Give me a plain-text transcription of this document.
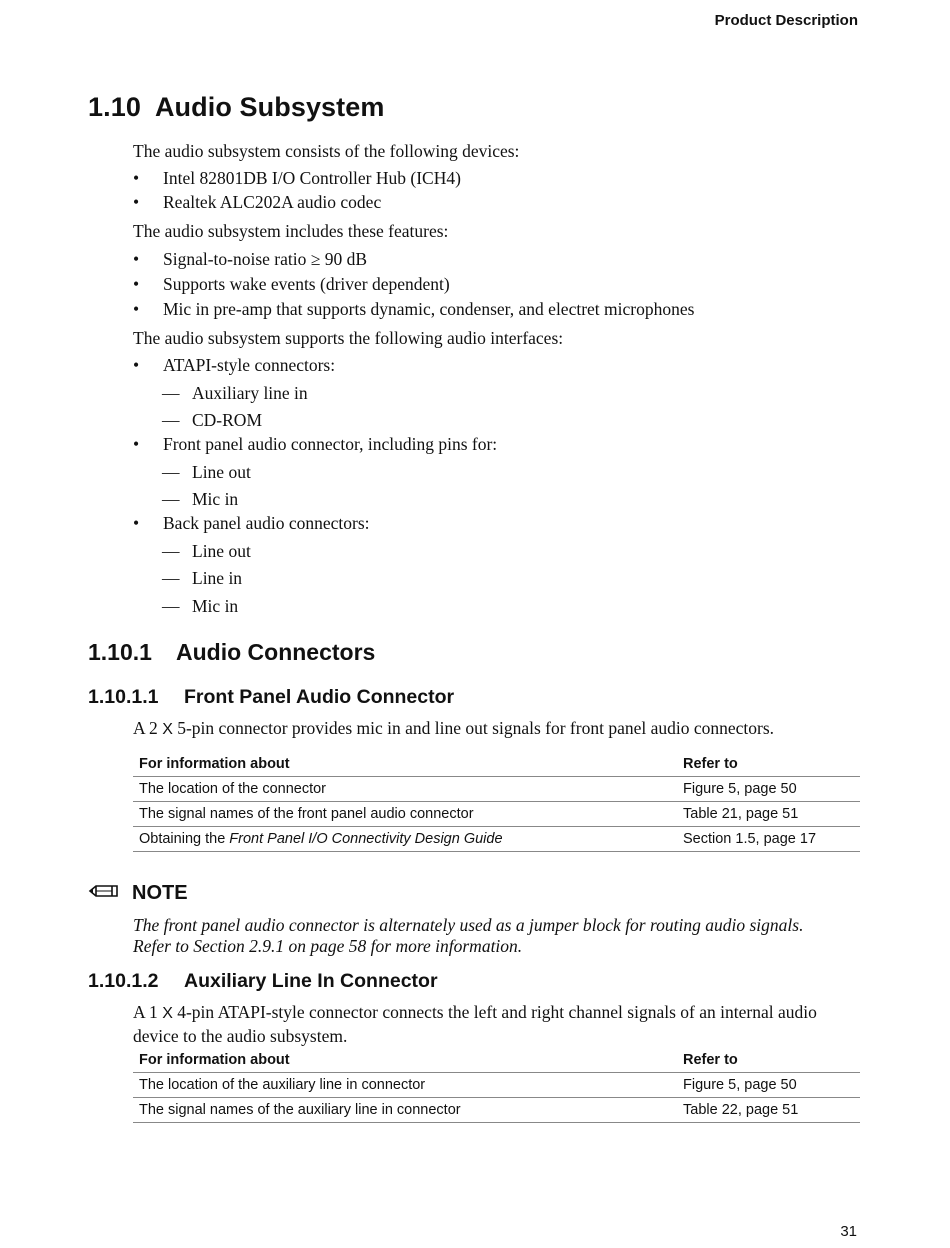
Product Description
1.10 Audio Subsystem

The audio subsystem consists of the following devices:

•	Intel 82801DB I/O Controller Hub (ICH4)
•	Realtek ALC202A audio codec

The audio subsystem includes these features:

•	Signal-to-noise ratio ≥ 90 dB
•	Supports wake events (driver dependent)
•	Mic in pre-amp that supports dynamic, condenser, and electret microphones

The audio subsystem supports the following audio interfaces:

•	ATAPI-style connectors:
— Auxiliary line in
— CD-ROM
•	Front panel audio connector, including pins for:
— Line out
— Mic in
•	Back panel audio connectors:
— Line out
— Line in
— Mic in
1.10.1 Audio Connectors
1.10.1.1 Front Panel Audio Connector

A 2 X 5-pin connector provides mic in and line out signals for front panel audio connectors.

For information about	Refer to
The location of the connector	Figure 5, page 50
The signal names of the front panel audio connector	Table 21, page 51
Obtaining the Front Panel I/O Connectivity Design Guide	Section 1.5, page 17
NOTE
The front panel audio connector is alternately used as a jumper block for routing audio signals.
Refer to Section 2.9.1 on page 58 for more information.
1.10.1.2 Auxiliary Line In Connector
A 1 X 4-pin ATAPI-style connector connects the left and right channel signals of an internal audio
device to the audio subsystem.
For information about	Refer to
The location of the auxiliary line in connector	Figure 5, page 50
The signal names of the auxiliary line in connector	Table 22, page 51
31
